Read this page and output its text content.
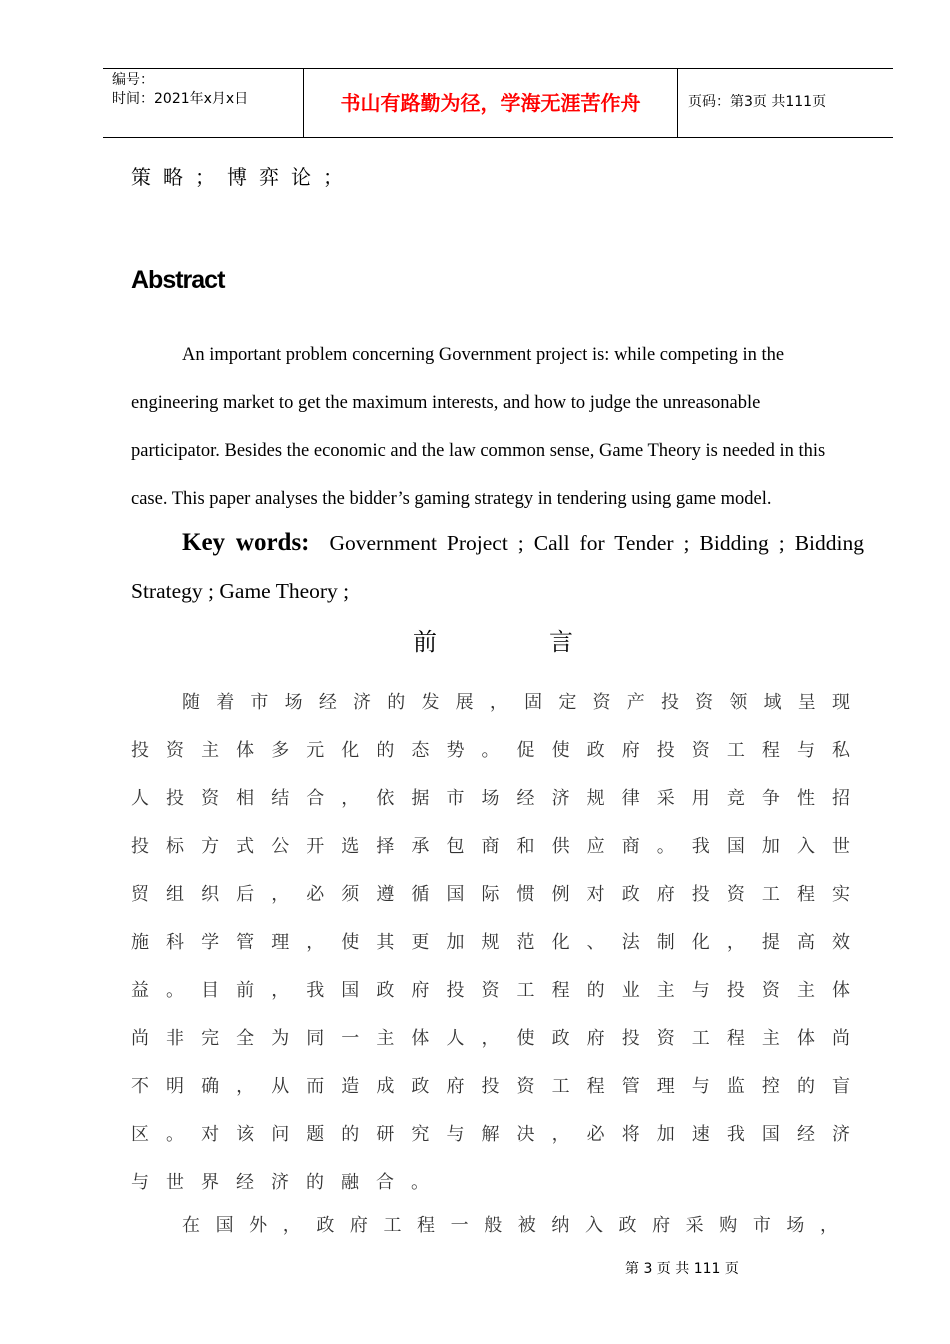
编号：
时间：2021年x月x日	书山有路勤为径，学海无涯苦作舟	页码：第3页 共111页
策略；博弈论；
Abstract
An important problem concerning Government project is: while competing in the
engineering market to get the maximum interests, and how to judge the unreasonable
participator. Besides the economic and the law common sense, Game Theory is needed in this
case. This paper analyses the bidder’s gaming strategy in tendering using game model.
Key words: Government Project ; Call for Tender ; Bidding ; Bidding
Strategy ; Game Theory ;
前	言
随着市场经济的发展，固定资产投资领域呈现
投资主体多元化的态势。促使政府投资工程与私
人投资相结合，依据市场经济规律采用竞争性招
投标方式公开选择承包商和供应商。我国加入世
贸组织后，必须遵循国际惯例对政府投资工程实
施科学管理，使其更加规范化、法制化，提高效
益。目前，我国政府投资工程的业主与投资主体
尚非完全为同一主体人，使政府投资工程主体尚
不明确，从而造成政府投资工程管理与监控的盲
区。对该问题的研究与解决，必将加速我国经济
与世界经济的融合。
在国外，政府工程一般被纳入政府采购市场，
第 3 页 共 111 页
